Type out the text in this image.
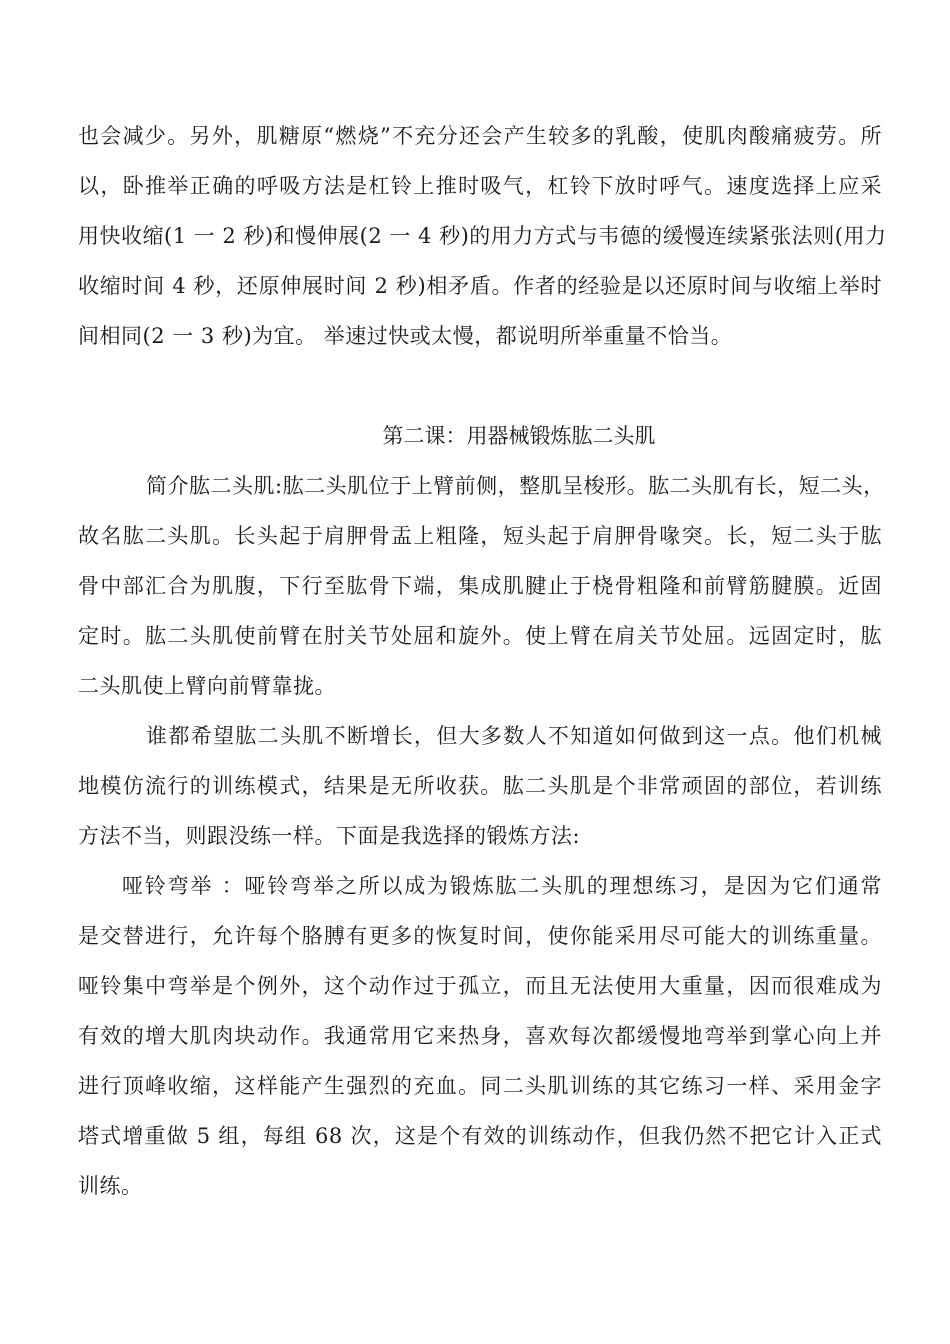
也会减少。另外，肌糖原“燃烧”不充分还会产生较多的乳酸，使肌肉酸痛疲劳。所
以，卧推举正确的呼吸方法是杠铃上推时吸气，杠铃下放时呼气。速度选择上应采
用快收缩(1 一 2 秒)和慢伸展(2 一 4 秒)的用力方式与韦德的缓慢连续紧张法则(用力
收缩时间 4 秒，还原伸展时间 2 秒)相矛盾。作者的经验是以还原时间与收缩上举时
间相同(2 一 3 秒)为宜。 举速过快或太慢，都说明所举重量不恰当。
第二课：用器械锻炼肱二头肌
简介肱二头肌:肱二头肌位于上臂前侧，整肌呈梭形。肱二头肌有长，短二头，
故名肱二头肌。长头起于肩胛骨盂上粗隆，短头起于肩胛骨喙突。长，短二头于肱
骨中部汇合为肌腹，下行至肱骨下端，集成肌腱止于桡骨粗隆和前臂筋腱膜。近固
定时。肱二头肌使前臂在肘关节处屈和旋外。使上臂在肩关节处屈。远固定时，肱
二头肌使上臂向前臂靠拢。
谁都希望肱二头肌不断增长，但大多数人不知道如何做到这一点。他们机械
地模仿流行的训练模式，结果是无所收获。肱二头肌是个非常顽固的部位，若训练
方法不当，则跟没练一样。下面是我选择的锻炼方法:
哑铃弯举 ：哑铃弯举之所以成为锻炼肱二头肌的理想练习，是因为它们通常
是交替进行，允许每个胳膊有更多的恢复时间，使你能采用尽可能大的训练重量。
哑铃集中弯举是个例外，这个动作过于孤立，而且无法使用大重量，因而很难成为
有效的增大肌肉块动作。我通常用它来热身，喜欢每次都缓慢地弯举到掌心向上并
进行顶峰收缩，这样能产生强烈的充血。同二头肌训练的其它练习一样、采用金字
塔式增重做 5 组，每组 68 次，这是个有效的训练动作，但我仍然不把它计入正式
训练。
